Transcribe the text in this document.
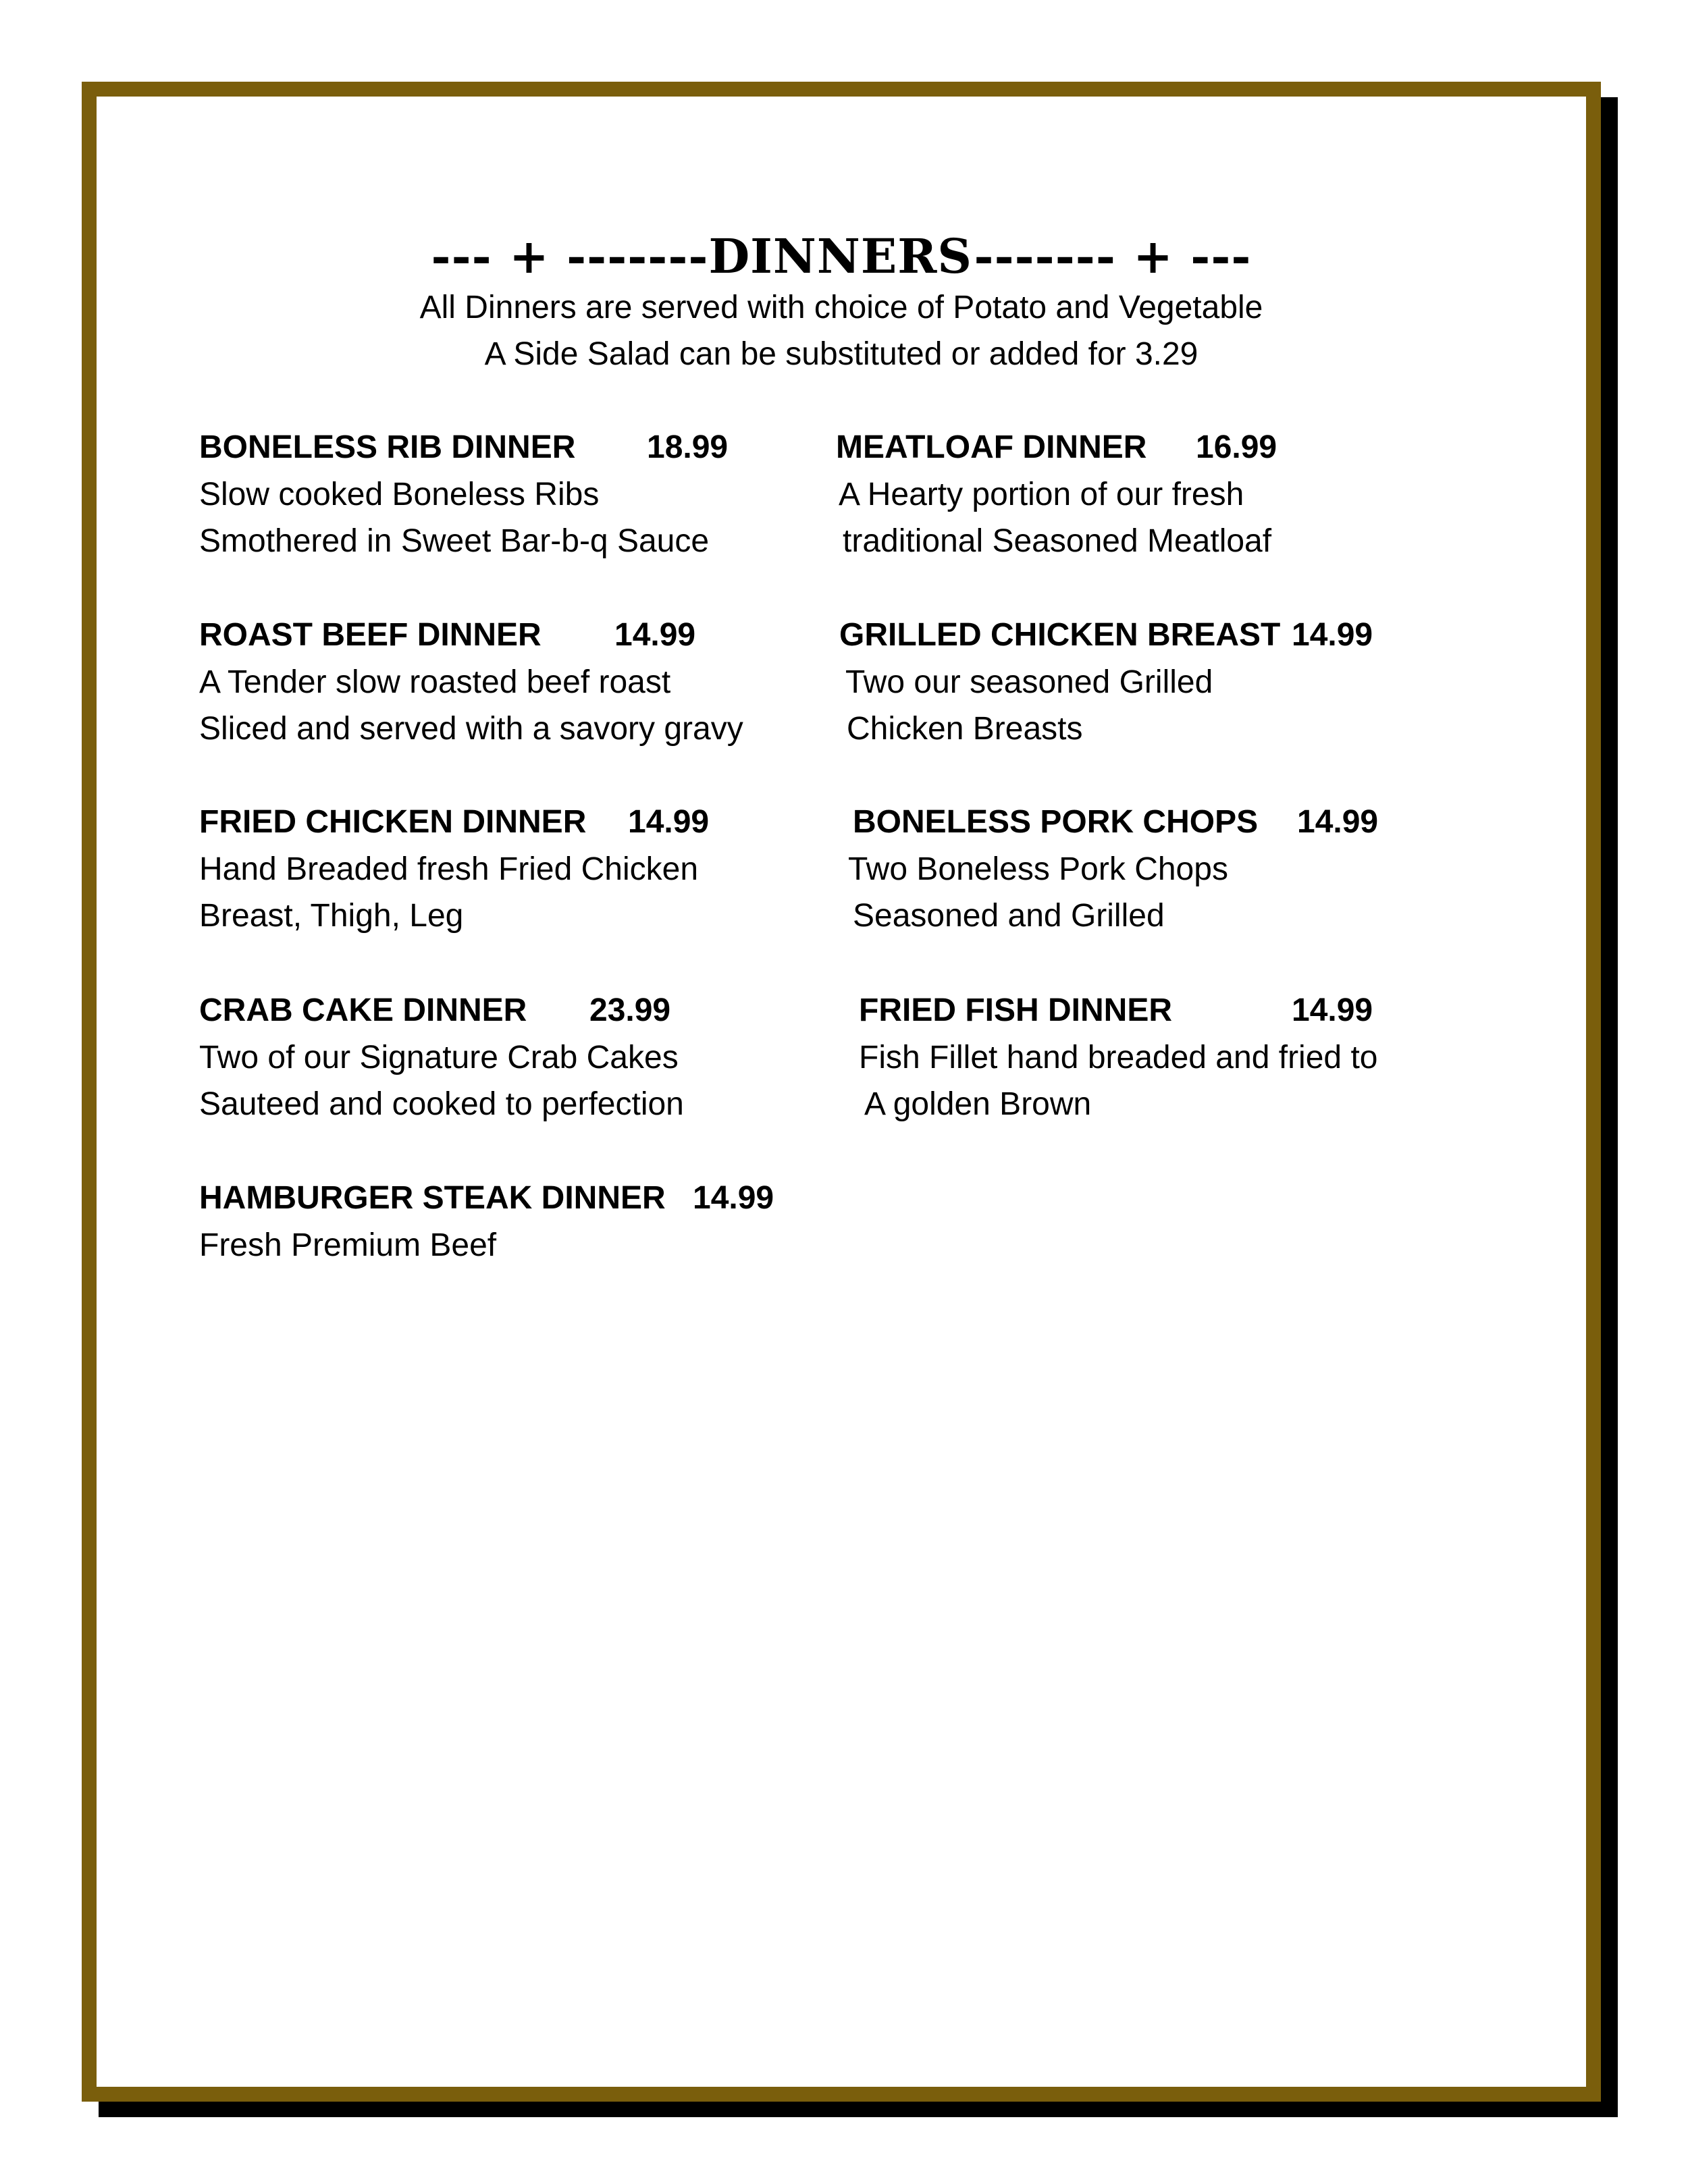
--- + -------DINNERS------- + ---
All Dinners are served with choice of Potato and Vegetable
A Side Salad can be substituted or added for 3.29
BONELESS RIB DINNER 18.99
Slow cooked Boneless Ribs
Smothered in Sweet Bar-b-q Sauce
MEATLOAF DINNER 16.99
A Hearty portion of our fresh
traditional Seasoned Meatloaf
ROAST BEEF DINNER 14.99
A Tender slow roasted beef roast
Sliced and served with a savory gravy
GRILLED CHICKEN BREAST 14.99
Two our seasoned Grilled
Chicken Breasts
FRIED CHICKEN DINNER 14.99
Hand Breaded fresh Fried Chicken
Breast, Thigh, Leg
BONELESS PORK CHOPS 14.99
Two Boneless Pork Chops
Seasoned and Grilled
CRAB CAKE DINNER 23.99
Two of our Signature Crab Cakes
Sauteed and cooked to perfection
FRIED FISH DINNER	14.99
Fish Fillet hand breaded and fried to
A golden Brown
HAMBURGER STEAK DINNER 14.99
Fresh Premium Beef
